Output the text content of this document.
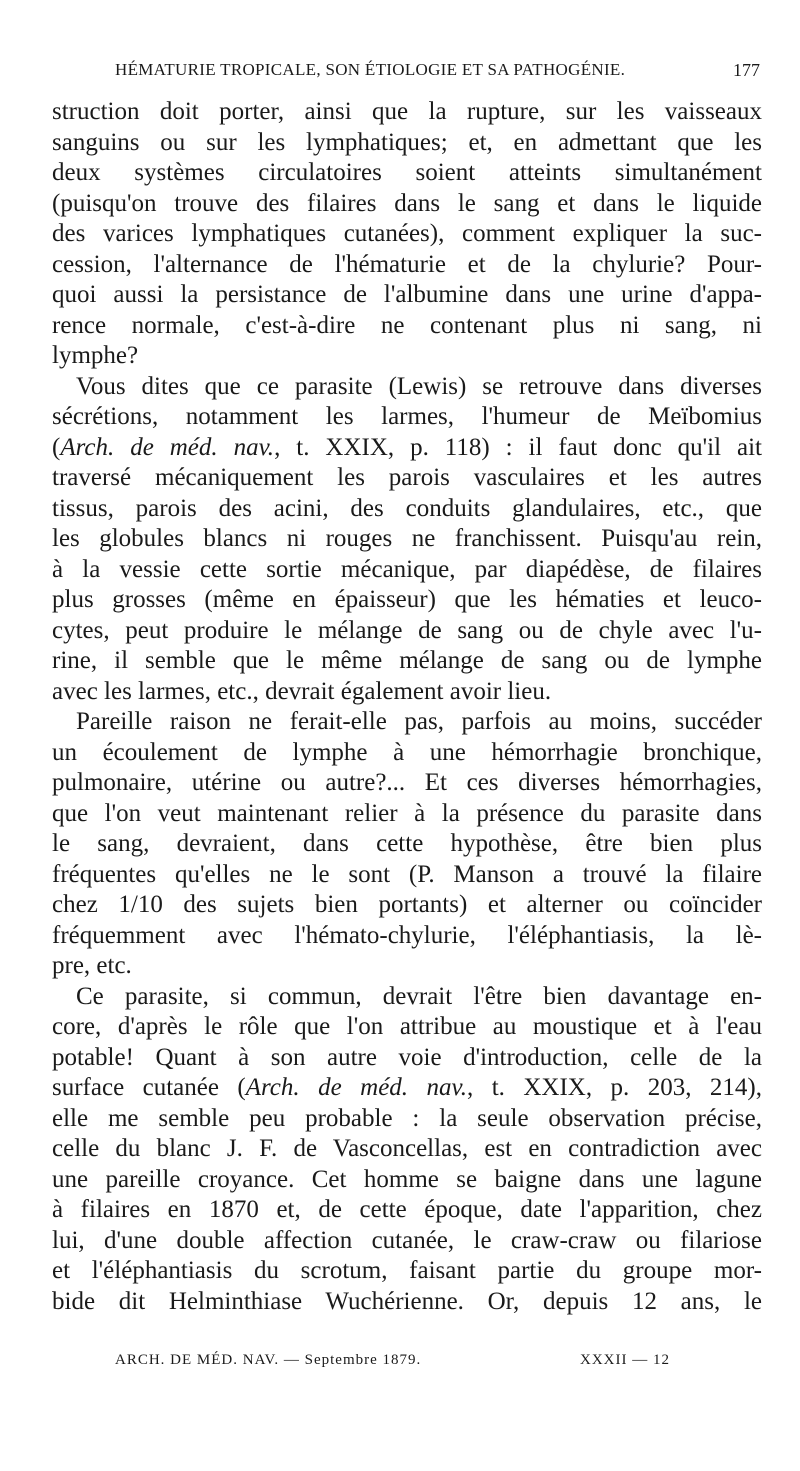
HÉMATURIE TROPICALE, SON ÉTIOLOGIE ET SA PATHOGÉNIE.	177
struction doit porter, ainsi que la rupture, sur les vaisseaux
sanguins ou sur les lymphatiques; et, en admettant que les
deux systèmes circulatoires soient atteints simultanément
(puisqu'on trouve des filaires dans le sang et dans le liquide
des varices lymphatiques cutanées), comment expliquer la suc-
cession, l'alternance de l'hématurie et de la chylurie? Pour-
quoi aussi la persistance de l'albumine dans une urine d'appa-
rence normale, c'est-à-dire ne contenant plus ni sang, ni
lymphe?
Vous dites que ce parasite (Lewis) se retrouve dans diverses
sécrétions, notamment les larmes, l'humeur de Meïbomius
(Arch. de méd. nav., t. XXIX, p. 118) : il faut donc qu'il ait
traversé mécaniquement les parois vasculaires et les autres
tissus, parois des acini, des conduits glandulaires, etc., que
les globules blancs ni rouges ne franchissent. Puisqu'au rein,
à la vessie cette sortie mécanique, par diapédèse, de filaires
plus grosses (même en épaisseur) que les hématies et leuco-
cytes, peut produire le mélange de sang ou de chyle avec l'u-
rine, il semble que le même mélange de sang ou de lymphe
avec les larmes, etc., devrait également avoir lieu.
Pareille raison ne ferait-elle pas, parfois au moins, succéder
un écoulement de lymphe à une hémorrhagie bronchique,
pulmonaire, utérine ou autre?... Et ces diverses hémorrhagies,
que l'on veut maintenant relier à la présence du parasite dans
le sang, devraient, dans cette hypothèse, être bien plus
fréquentes qu'elles ne le sont (P. Manson a trouvé la filaire
chez 1/10 des sujets bien portants) et alterner ou coïncider
fréquemment avec l'hémato-chylurie, l'éléphantiasis, la lè-
pre, etc.
Ce parasite, si commun, devrait l'être bien davantage en-
core, d'après le rôle que l'on attribue au moustique et à l'eau
potable! Quant à son autre voie d'introduction, celle de la
surface cutanée (Arch. de méd. nav., t. XXIX, p. 203, 214),
elle me semble peu probable : la seule observation précise,
celle du blanc J. F. de Vasconcellas, est en contradiction avec
une pareille croyance. Cet homme se baigne dans une lagune
à filaires en 1870 et, de cette époque, date l'apparition, chez
lui, d'une double affection cutanée, le craw-craw ou filariose
et l'éléphantiasis du scrotum, faisant partie du groupe mor-
bide dit Helminthiase Wuchérienne. Or, depuis 12 ans, le
ARCH. DE MÉD. NAV. — Septembre 1879.	XXXII — 12
